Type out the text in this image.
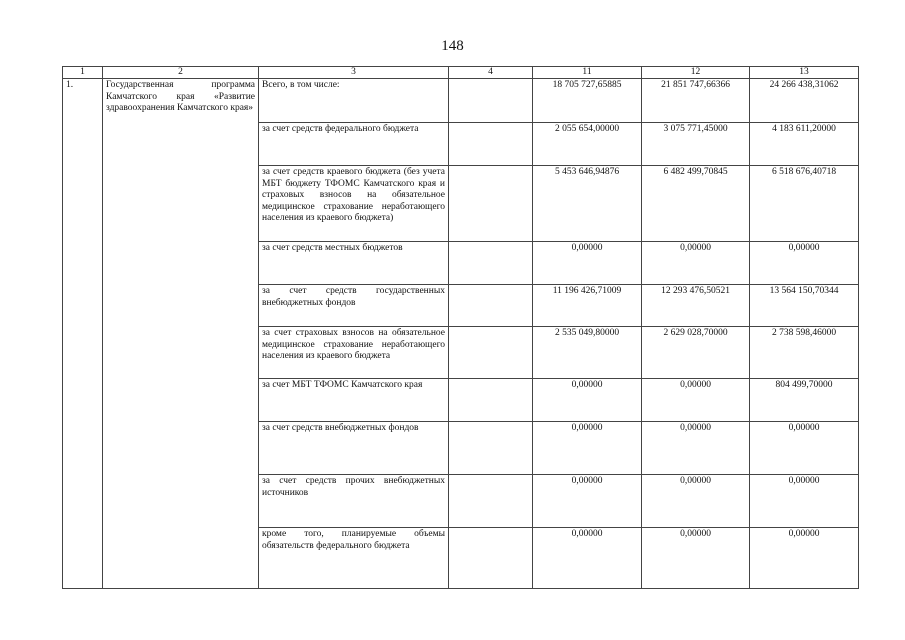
148
1	2	3	4	11	12	13
1.	Государственная программа Камчатского края «Развитие здравоохранения Камчатского края»	Всего, в том числе:		18 705 727,65885	21 851 747,66366	24 266 438,31062
		за счет средств федерального бюджета		2 055 654,00000	3 075 771,45000	4 183 611,20000
		за счет средств краевого бюджета (без учета МБТ бюджету ТФОМС Камчатского края и страховых взносов на обязательное медицинское страхование неработающего населения из краевого бюджета)		5 453 646,94876	6 482 499,70845	6 518 676,40718
		за счет средств местных бюджетов		0,00000	0,00000	0,00000
		за счет средств государственных внебюджетных фондов		11 196 426,71009	12 293 476,50521	13 564 150,70344
		за счет страховых взносов на обязательное медицинское страхование неработающего населения из краевого бюджета		2 535 049,80000	2 629 028,70000	2 738 598,46000
		за счет МБТ ТФОМС Камчатского края		0,00000	0,00000	804 499,70000
		за счет средств внебюджетных фондов		0,00000	0,00000	0,00000
		за счет средств прочих внебюджетных источников		0,00000	0,00000	0,00000
		кроме того, планируемые объемы обязательств федерального бюджета		0,00000	0,00000	0,00000
